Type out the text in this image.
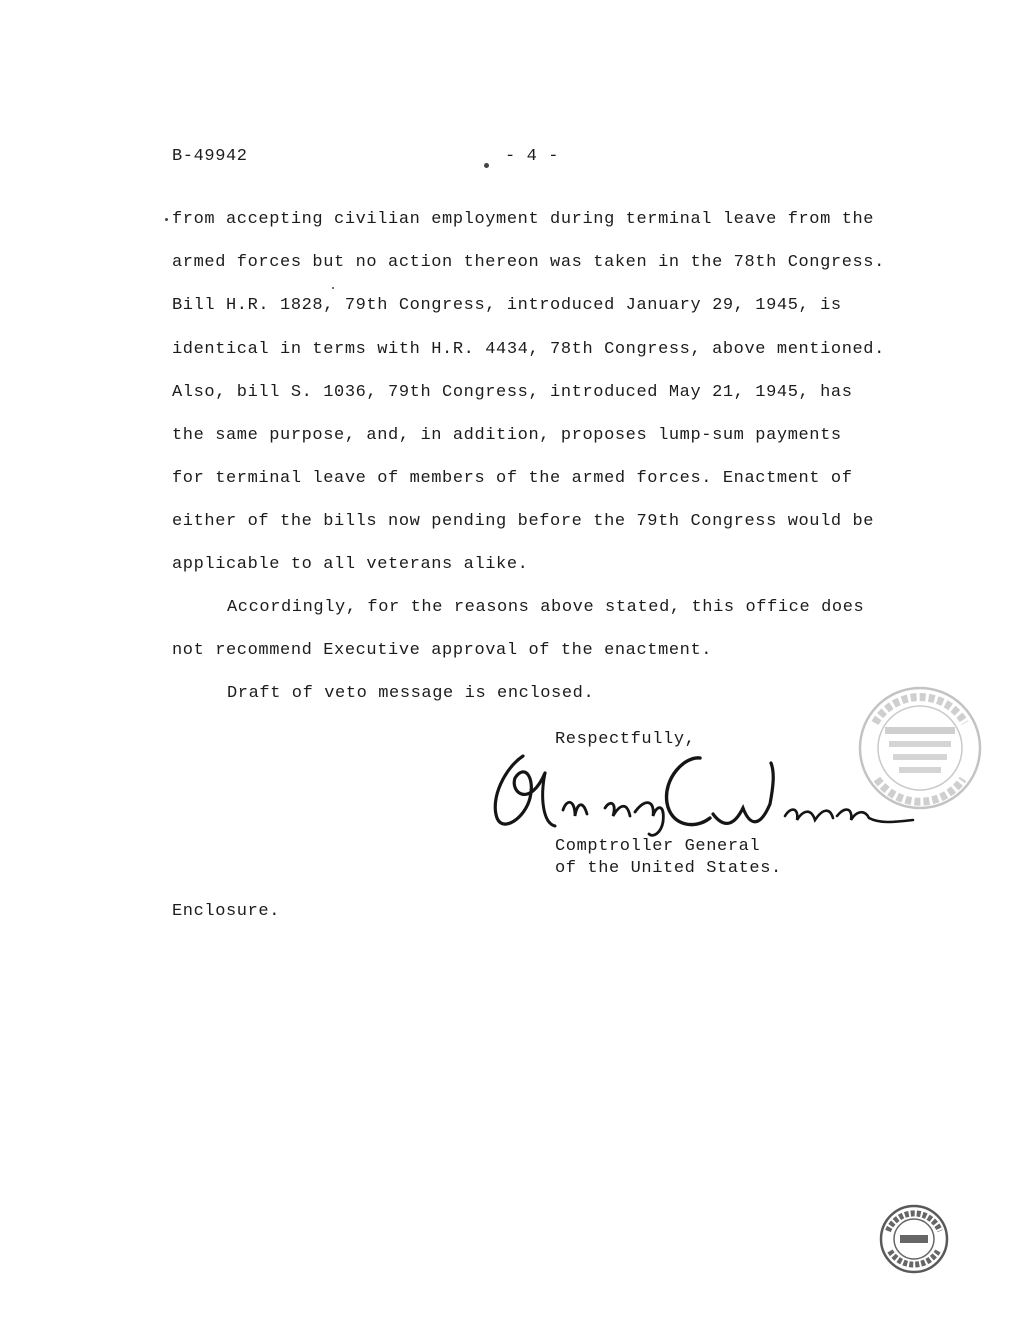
B-49942	- 4 -
from accepting civilian employment during terminal leave from the
armed forces but no action thereon was taken in the 78th Congress.
Bill H.R. 1828, 79th Congress, introduced January 29, 1945, is
identical in terms with H.R. 4434, 78th Congress, above mentioned.
Also, bill S. 1036, 79th Congress, introduced May 21, 1945, has
the same purpose, and, in addition, proposes lump-sum payments
for terminal leave of members of the armed forces. Enactment of
either of the bills now pending before the 79th Congress would be
applicable to all veterans alike.
Accordingly, for the reasons above stated, this office does
not recommend Executive approval of the enactment.
Draft of veto message is enclosed.
Respectfully,
Comptroller General
of the United States.
Enclosure.
